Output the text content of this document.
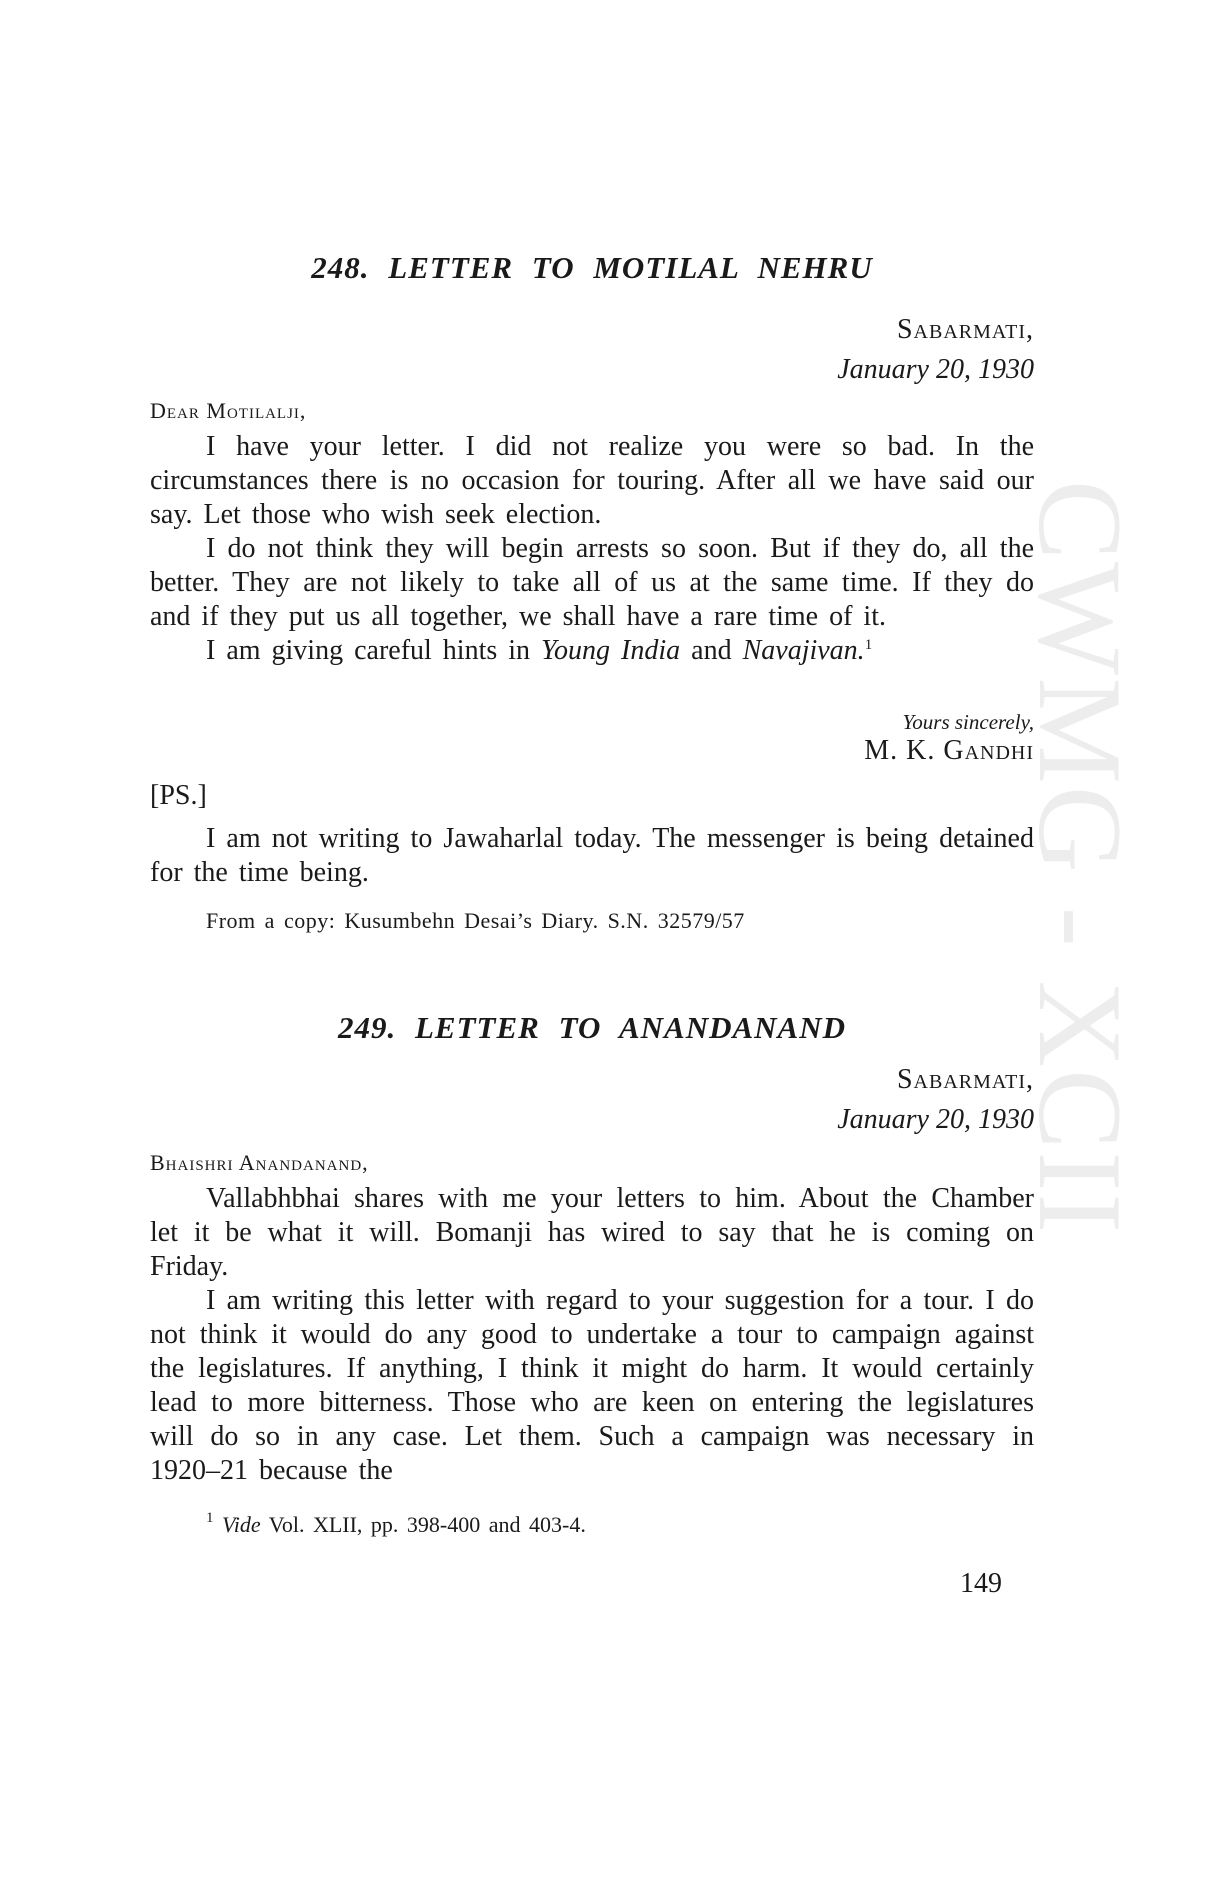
CWMG - XCII
248. LETTER TO MOTILAL NEHRU
Sabarmati,
January 20, 1930
Dear Motilalji,

I have your letter. I did not realize you were so bad. In the circumstances there is no occasion for touring. After all we have said our say. Let those who wish seek election.

I do not think they will begin arrests so soon. But if they do, all the better. They are not likely to take all of us at the same time. If they do and if they put us all together, we shall have a rare time of it.

I am giving careful hints in Young India and Navajivan.$^1$

Yours sincerely,
M. K. Gandhi
[PS.]

I am not writing to Jawaharlal today. The messenger is being detained for the time being.

From a copy: Kusumbehn Desai’s Diary. S.N. 32579/57
249. LETTER TO ANANDANAND
Sabarmati,
January 20, 1930
Bhaishri Anandanand,

Vallabhbhai shares with me your letters to him. About the Chamber let it be what it will. Bomanji has wired to say that he is coming on Friday.

I am writing this letter with regard to your suggestion for a tour. I do not think it would do any good to undertake a tour to campaign against the legislatures. If anything, I think it might do harm. It would certainly lead to more bitterness. Those who are keen on entering the legislatures will do so in any case. Let them. Such a campaign was necessary in 1920–21 because the

$^1$ Vide Vol. XLII, pp. 398-400 and 403-4.
149
